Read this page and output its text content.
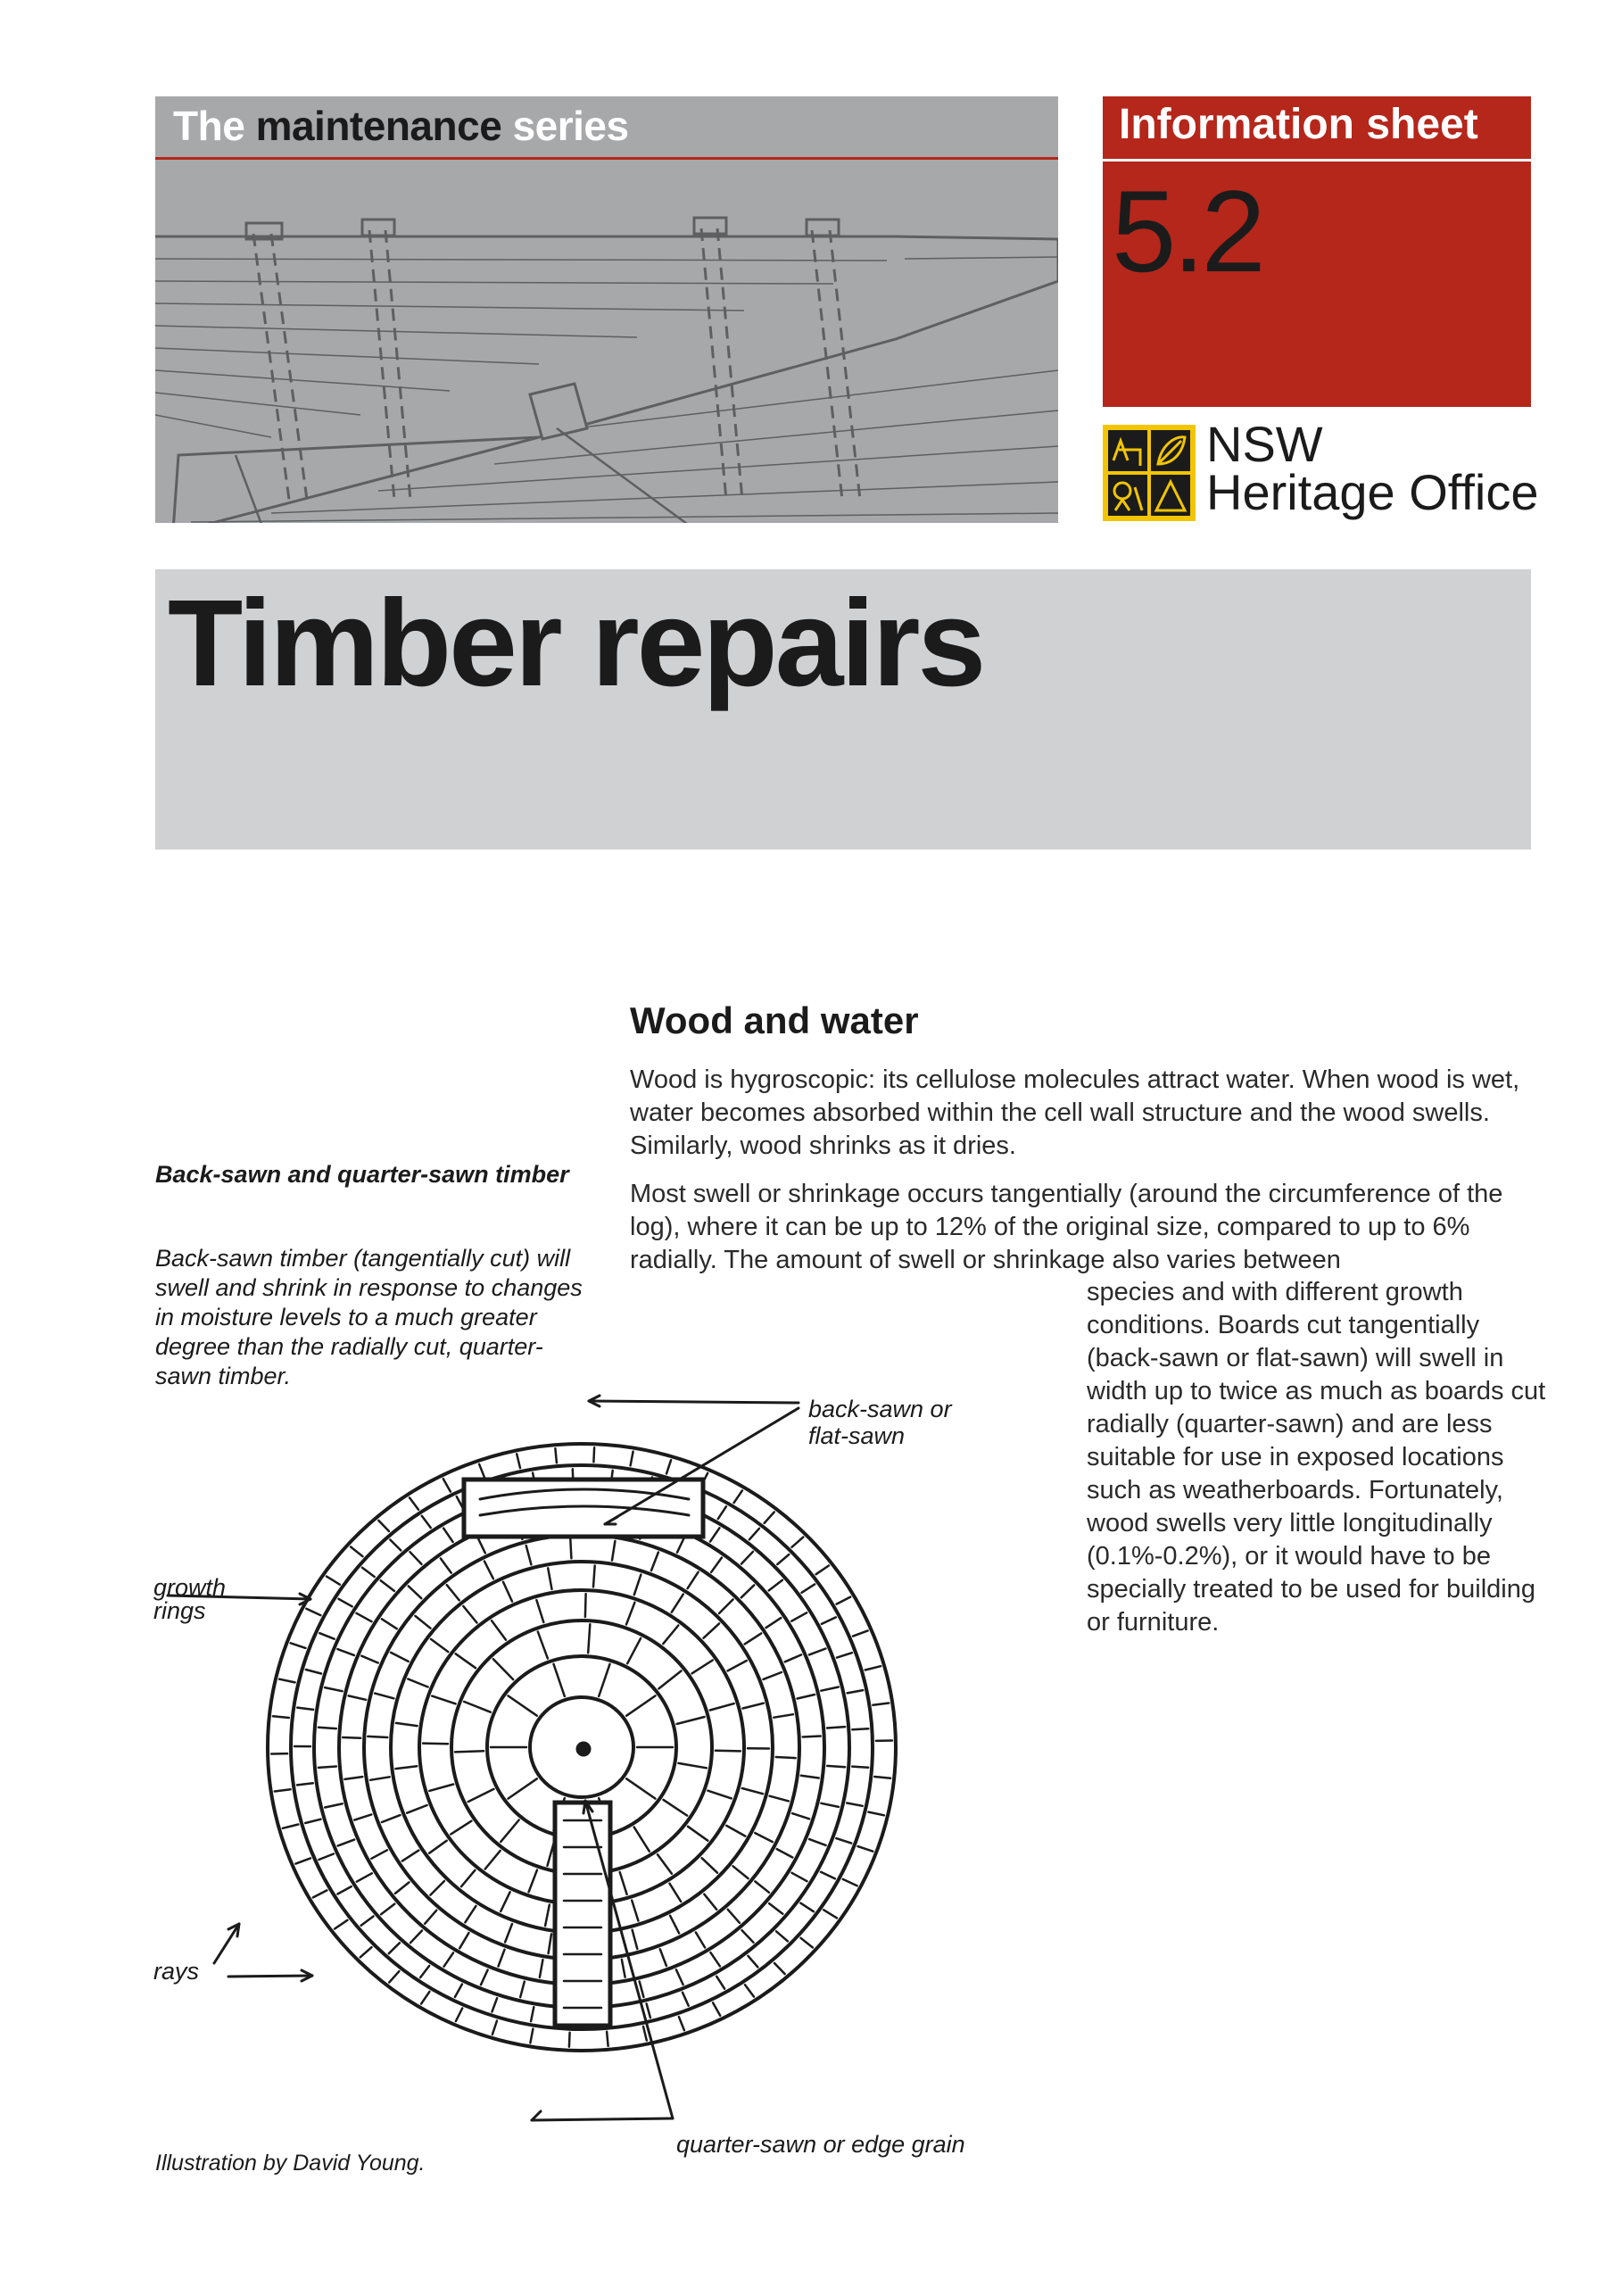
The maintenance series	Information sheet
5.2
NSW
Heritage Office
Timber repairs
Wood and water
Wood is hygroscopic: its cellulose molecules attract water. When wood is wet, water becomes absorbed within the cell wall structure and the wood swells. Similarly, wood shrinks as it dries.
Most swell or shrinkage occurs tangentially (around the circumference of the log), where it can be up to 12% of the original size, compared to up to 6% radially. The amount of swell or shrinkage also varies between
species and with different growth conditions. Boards cut tangentially (back-sawn or flat-sawn) will swell in width up to twice as much as boards cut radially (quarter-sawn) and are less suitable for use in exposed locations such as weatherboards. Fortunately, wood swells very little longitudinally (0.1%-0.2%), or it would have to be specially treated to be used for building or furniture.
Back-sawn and quarter-sawn timber
Back-sawn timber (tangentially cut) will swell and shrink in response to changes in moisture levels to a much greater degree than the radially cut, quarter-sawn timber.
back-sawn or
flat-sawn
growth
rings
rays
quarter-sawn or edge grain
Illustration by David Young.
